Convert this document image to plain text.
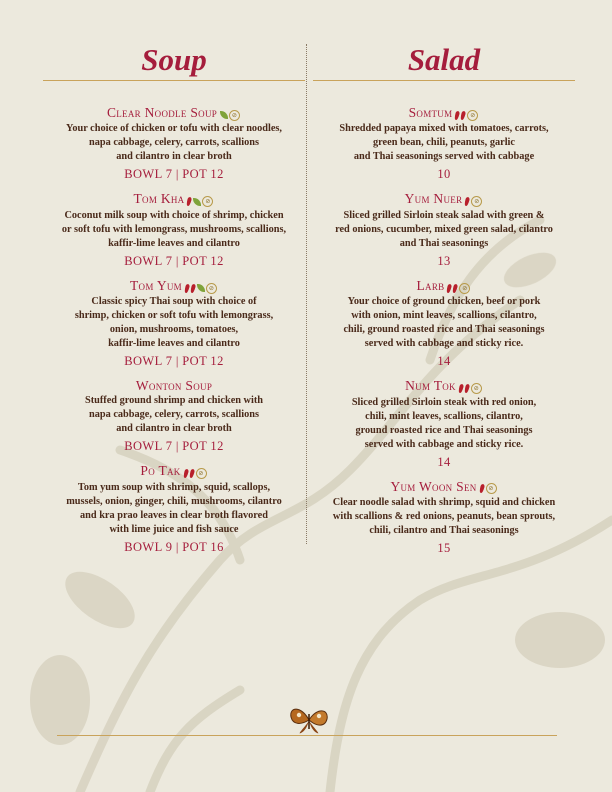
Soup
Clear Noodle Soup ⊘
Your choice of chicken or tofu with clear noodles,
napa cabbage, celery, carrots, scallions
and cilantro in clear broth
BOWL 7 | POT 12
Tom Kha	⊘
Coconut milk soup with choice of shrimp, chicken
or soft tofu with lemongrass, mushrooms, scallions,
kaffir-lime leaves and cilantro
BOWL 7 | POT 12
Tom Yum	⊘
Classic spicy Thai soup with choice of
shrimp, chicken or soft tofu with lemongrass,
onion, mushrooms, tomatoes,
kaffir-lime leaves and cilantro
BOWL 7 | POT 12
Wonton Soup
Stuffed ground shrimp and chicken with
napa cabbage, celery, carrots, scallions
and cilantro in clear broth
BOWL 7 | POT 12
Po Tak	⊘
Tom yum soup with shrimp, squid, scallops,
mussels, onion, ginger, chili, mushrooms, cilantro
and kra prao leaves in clear broth flavored
with lime juice and fish sauce
BOWL 9 | POT 16
Salad
Somtum	⊘
Shredded papaya mixed with tomatoes, carrots,
green bean, chili, peanuts, garlic
and Thai seasonings served with cabbage
10
Yum Nuer ⊘
Sliced grilled Sirloin steak salad with green &
red onions, cucumber, mixed green salad, cilantro
and Thai seasonings
13
Larb	⊘
Your choice of ground chicken, beef or pork
with onion, mint leaves, scallions, cilantro,
chili, ground roasted rice and Thai seasonings
served with cabbage and sticky rice.
14
Num Tok	⊘
Sliced grilled Sirloin steak with red onion,
chili, mint leaves, scallions, cilantro,
ground roasted rice and Thai seasonings
served with cabbage and sticky rice.
14
Yum Woon Sen ⊘
Clear noodle salad with shrimp, squid and chicken
with scallions & red onions, peanuts, bean sprouts,
chili, cilantro and Thai seasonings
15
